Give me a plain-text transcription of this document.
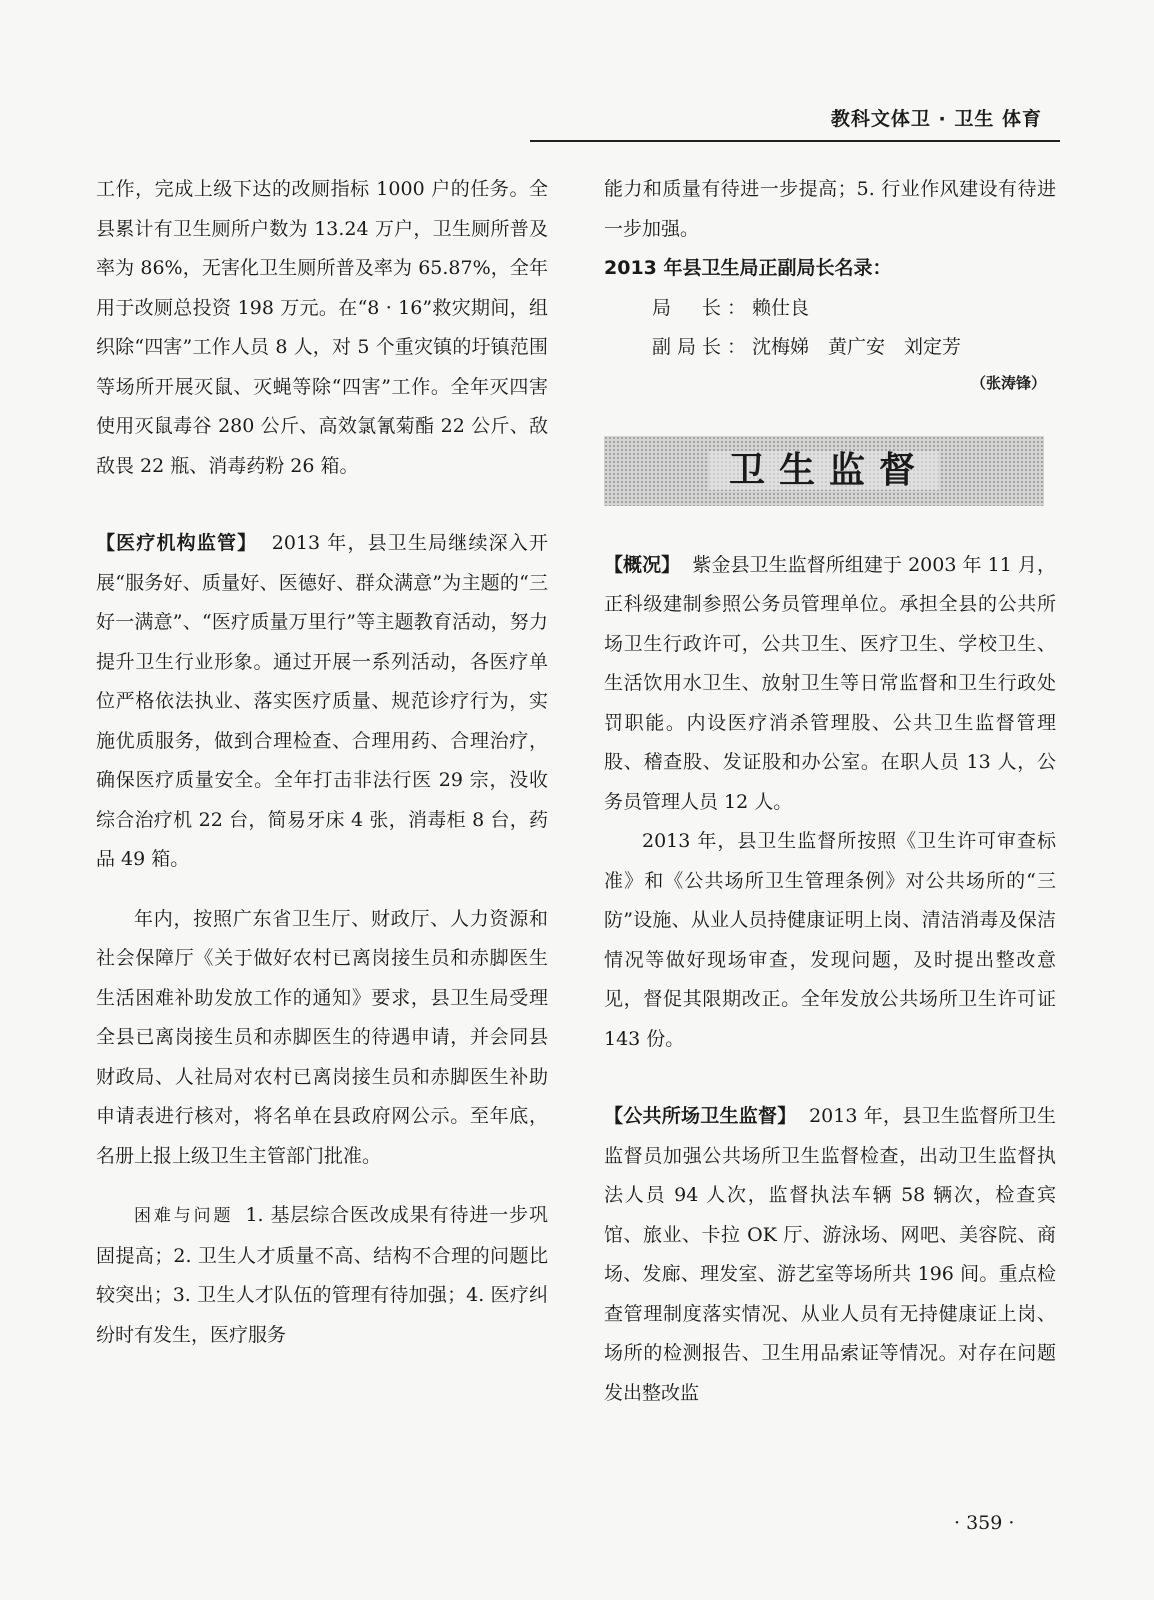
教科文体卫 · 卫生 体育

工作，完成上级下达的改厕指标 1000 户的任务。全县累计有卫生厕所户数为 13.24 万户，卫生厕所普及率为 86%，无害化卫生厕所普及率为 65.87%，全年用于改厕总投资 198 万元。在“8 · 16”救灾期间，组织除“四害”工作人员 8 人，对 5 个重灾镇的圩镇范围等场所开展灭鼠、灭蝇等除“四害”工作。全年灭四害使用灭鼠毒谷 280 公斤、高效氯氰菊酯 22 公斤、敌敌畏 22 瓶、消毒药粉 26 箱。

【医疗机构监管】 2013 年，县卫生局继续深入开展“服务好、质量好、医德好、群众满意”为主题的“三好一满意”、“医疗质量万里行”等主题教育活动，努力提升卫生行业形象。通过开展一系列活动，各医疗单位严格依法执业、落实医疗质量、规范诊疗行为，实施优质服务，做到合理检查、合理用药、合理治疗，确保医疗质量安全。全年打击非法行医 29 宗，没收综合治疗机 22 台，简易牙床 4 张，消毒柜 8 台，药品 49 箱。

年内，按照广东省卫生厅、财政厅、人力资源和社会保障厅《关于做好农村已离岗接生员和赤脚医生生活困难补助发放工作的通知》要求，县卫生局受理全县已离岗接生员和赤脚医生的待遇申请，并会同县财政局、人社局对农村已离岗接生员和赤脚医生补助申请表进行核对，将名单在县政府网公示。至年底，名册上报上级卫生主管部门批准。

困难与问题 1. 基层综合医改成果有待进一步巩固提高；2. 卫生人才质量不高、结构不合理的问题比较突出；3. 卫生人才队伍的管理有待加强；4. 医疗纠纷时有发生，医疗服务

能力和质量有待进一步提高；5. 行业作风建设有待进一步加强。

2013 年县卫生局正副局长名录：

局　长：赖仕良
副局长：沈梅娣　黄广安　刘定芳

（张涛锋）

卫生监督

【概况】 紫金县卫生监督所组建于 2003 年 11 月，正科级建制参照公务员管理单位。承担全县的公共所场卫生行政许可，公共卫生、医疗卫生、学校卫生、生活饮用水卫生、放射卫生等日常监督和卫生行政处罚职能。内设医疗消杀管理股、公共卫生监督管理股、稽查股、发证股和办公室。在职人员 13 人，公务员管理人员 12 人。

2013 年，县卫生监督所按照《卫生许可审查标准》和《公共场所卫生管理条例》对公共场所的“三防”设施、从业人员持健康证明上岗、清洁消毒及保洁情况等做好现场审查，发现问题，及时提出整改意见，督促其限期改正。全年发放公共场所卫生许可证 143 份。

【公共所场卫生监督】 2013 年，县卫生监督所卫生监督员加强公共场所卫生监督检查，出动卫生监督执法人员 94 人次，监督执法车辆 58 辆次，检查宾馆、旅业、卡拉 OK 厅、游泳场、网吧、美容院、商场、发廊、理发室、游艺室等场所共 196 间。重点检查管理制度落实情况、从业人员有无持健康证上岗、场所的检测报告、卫生用品索证等情况。对存在问题发出整改监

· 359 ·
